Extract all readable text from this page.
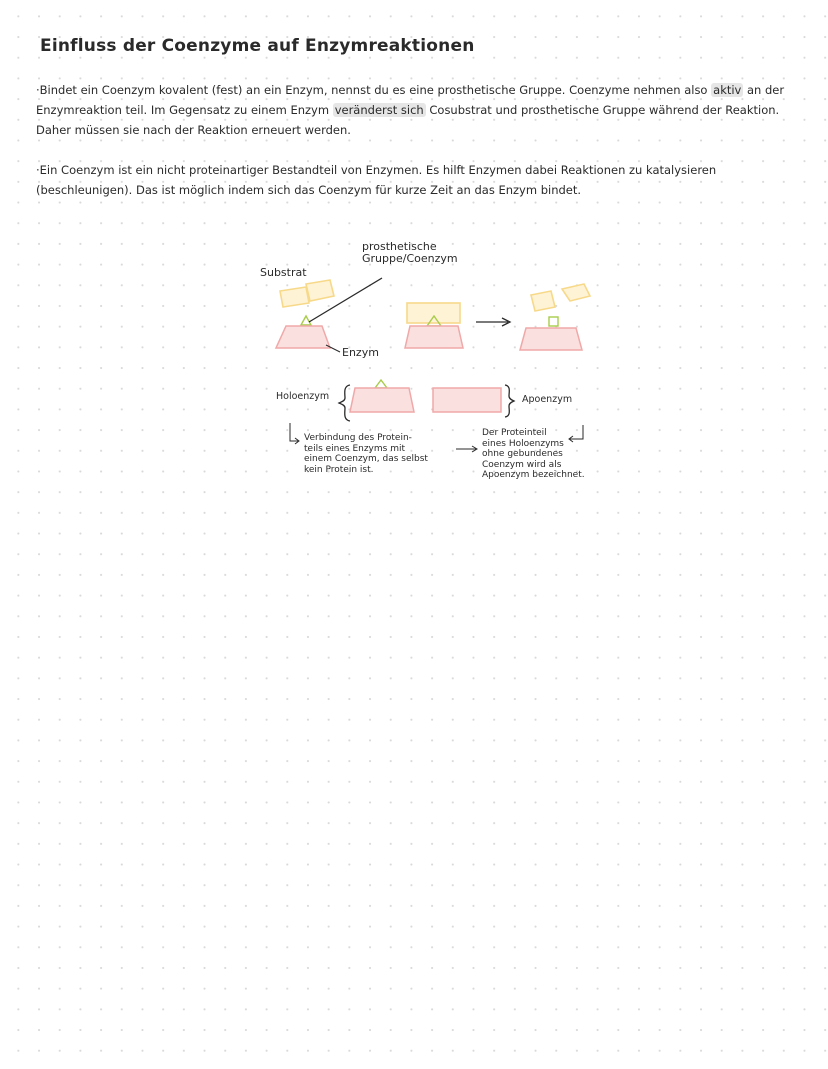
Einfluss der Coenzyme auf Enzymreaktionen
·Bindet ein Coenzym kovalent (fest) an ein Enzym, nennst du es eine prosthetische Gruppe. Coenzyme nehmen also aktiv an der Enzymreaktion teil. Im Gegensatz zu einem Enzym veränderst sich Cosubstrat und prosthetische Gruppe während der Reaktion. Daher müssen sie nach der Reaktion erneuert werden.
·Ein Coenzym ist ein nicht proteinartiger Bestandteil von Enzymen. Es hilft Enzymen dabei Reaktionen zu katalysieren (beschleunigen). Das ist möglich indem sich das Coenzym für kurze Zeit an das Enzym bindet.
Substrat
prosthetische
Gruppe/Coenzym
Enzym
Holoenzym	Apoenzym
Verbindung des Protein-
teils eines Enzyms mit
einem Coenzym, das selbst
kein Protein ist.
Der Proteinteil
eines Holoenzyms
ohne gebundenes
Coenzym wird als
Apoenzym bezeichnet.
